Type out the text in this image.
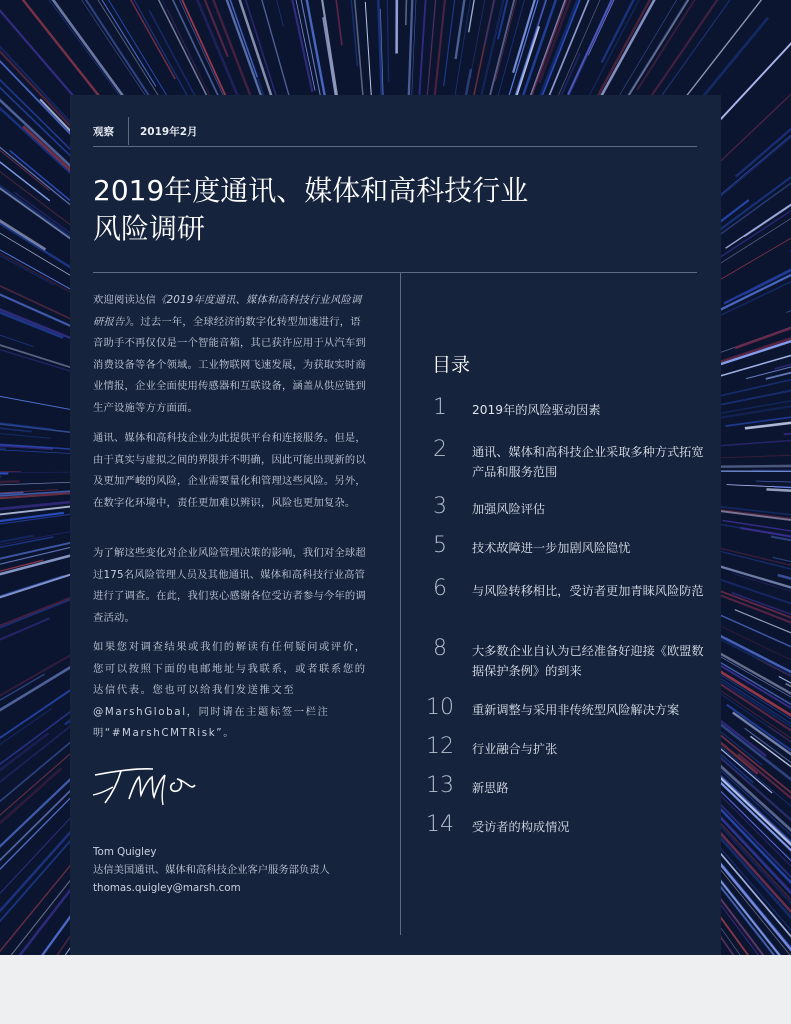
观察 2019年2月
2019年度通讯、媒体和高科技行业
风险调研

欢迎阅读达信《2019年度通讯、媒体和高科技行业风险调研报告》。过去一年，全球经济的数字化转型加速进行，语音助手不再仅仅是一个智能音箱，其已获许应用于从汽车到消费设备等各个领域。工业物联网飞速发展，为获取实时商业情报，企业全面使用传感器和互联设备，涵盖从供应链到生产设施等方方面面。

通讯、媒体和高科技企业为此提供平台和连接服务。但是，由于真实与虚拟之间的界限并不明确，因此可能出现新的以及更加严峻的风险，企业需要量化和管理这些风险。另外，在数字化环境中，责任更加难以辨识，风险也更加复杂。

为了解这些变化对企业风险管理决策的影响，我们对全球超过175名风险管理人员及其他通讯、媒体和高科技行业高管进行了调查。在此，我们衷心感谢各位受访者参与今年的调查活动。

如果您对调查结果或我们的解读有任何疑问或评价，您可以按照下面的电邮地址与我联系，或者联系您的达信代表。您也可以给我们发送推文至@MarshGlobal，同时请在主题标签一栏注明“#MarshCMTRisk”。

Tom Quigley
达信美国通讯、媒体和高科技企业客户服务部负责人
thomas.quigley@marsh.com
目录
1	2019年的风险驱动因素
2	通讯、媒体和高科技企业采取多种方式拓宽产品和服务范围
3	加强风险评估
5	技术故障进一步加剧风险隐忧
6	与风险转移相比，受访者更加青睐风险防范
8	大多数企业自认为已经准备好迎接《欧盟数据保护条例》的到来
10 重新调整与采用非传统型风险解决方案
12 行业融合与扩张
13 新思路
14 受访者的构成情况
